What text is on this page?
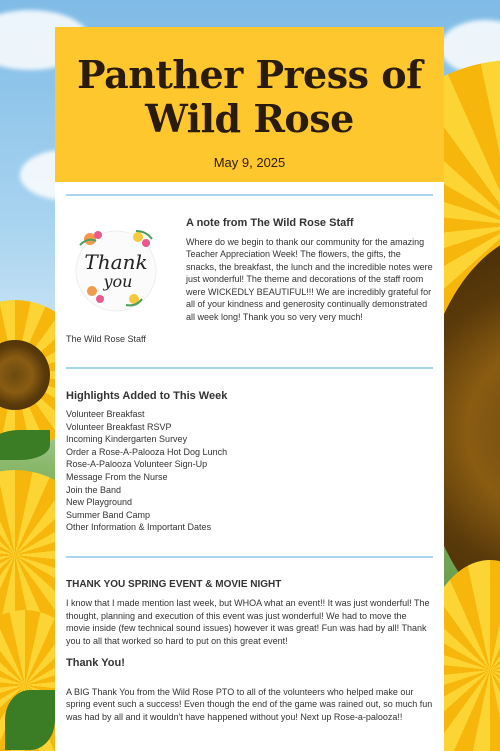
Panther Press of Wild Rose
May 9, 2025
Thank
you
A note from The Wild Rose Staff
Where do we begin to thank our community for the amazing Teacher Appreciation Week! The flowers, the gifts, the snacks, the breakfast, the lunch and the incredible notes were just wonderful! The theme and decorations of the staff room were WICKEDLY BEAUTIFUL!!! We are incredibly grateful for all of your kindness and generosity continually demonstrated all week long! Thank you so very very much!
The Wild Rose Staff
Highlights Added to This Week
Volunteer Breakfast
Volunteer Breakfast RSVP
Incoming Kindergarten Survey
Order a Rose-A-Palooza Hot Dog Lunch
Rose-A-Palooza Volunteer Sign-Up
Message From the Nurse
Join the Band
New Playground
Summer Band Camp
Other Information & Important Dates
THANK YOU SPRING EVENT & MOVIE NIGHT
I know that I made mention last week, but WHOA what an event!! It was just wonderful! The thought, planning and execution of this event was just wonderful! We had to move the movie inside (few technical sound issues) however it was great! Fun was had by all! Thank you to all that worked so hard to put on this great event!
Thank You!
A BIG Thank You from the Wild Rose PTO to all of the volunteers who helped make our spring event such a success! Even though the end of the game was rained out, so much fun was had by all and it wouldn't have happened without you! Next up Rose-a-palooza!!
